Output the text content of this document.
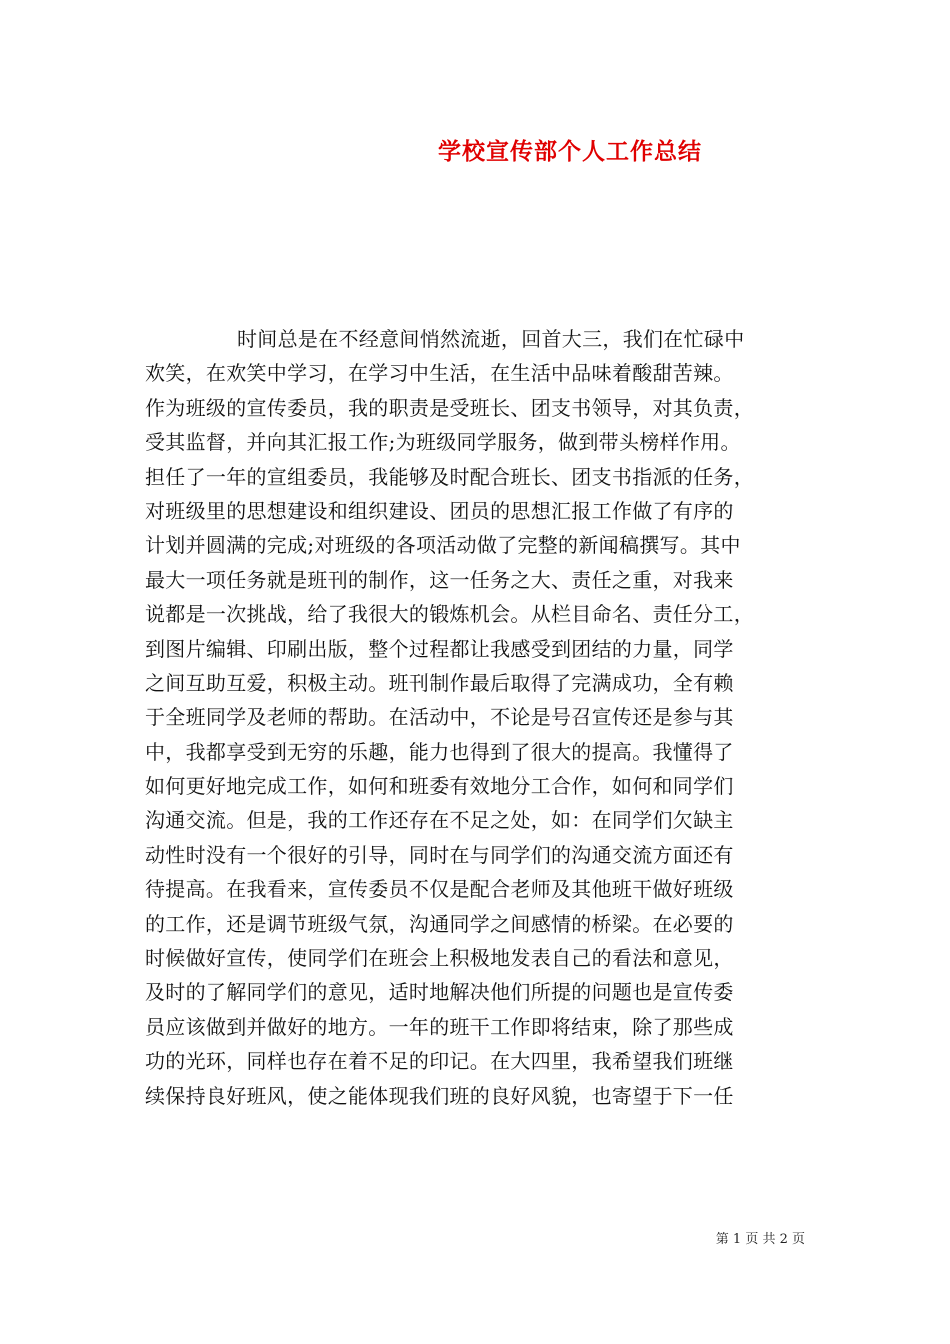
学校宣传部个人工作总结
时间总是在不经意间悄然流逝，回首大三，我们在忙碌中
欢笑，在欢笑中学习，在学习中生活，在生活中品味着酸甜苦辣。
作为班级的宣传委员，我的职责是受班长、团支书领导，对其负责，
受其监督，并向其汇报工作;为班级同学服务，做到带头榜样作用。
担任了一年的宣组委员，我能够及时配合班长、团支书指派的任务，
对班级里的思想建设和组织建设、团员的思想汇报工作做了有序的
计划并圆满的完成;对班级的各项活动做了完整的新闻稿撰写。其中
最大一项任务就是班刊的制作，这一任务之大、责任之重，对我来
说都是一次挑战，给了我很大的锻炼机会。从栏目命名、责任分工，
到图片编辑、印刷出版，整个过程都让我感受到团结的力量，同学
之间互助互爱，积极主动。班刊制作最后取得了完满成功，全有赖
于全班同学及老师的帮助。在活动中，不论是号召宣传还是参与其
中，我都享受到无穷的乐趣，能力也得到了很大的提高。我懂得了
如何更好地完成工作，如何和班委有效地分工合作，如何和同学们
沟通交流。但是，我的工作还存在不足之处，如：在同学们欠缺主
动性时没有一个很好的引导，同时在与同学们的沟通交流方面还有
待提高。在我看来，宣传委员不仅是配合老师及其他班干做好班级
的工作，还是调节班级气氛，沟通同学之间感情的桥梁。在必要的
时候做好宣传，使同学们在班会上积极地发表自己的看法和意见，
及时的了解同学们的意见，适时地解决他们所提的问题也是宣传委
员应该做到并做好的地方。一年的班干工作即将结束，除了那些成
功的光环，同样也存在着不足的印记。在大四里，我希望我们班继
续保持良好班风，使之能体现我们班的良好风貌，也寄望于下一任
第 1 页 共 2 页
